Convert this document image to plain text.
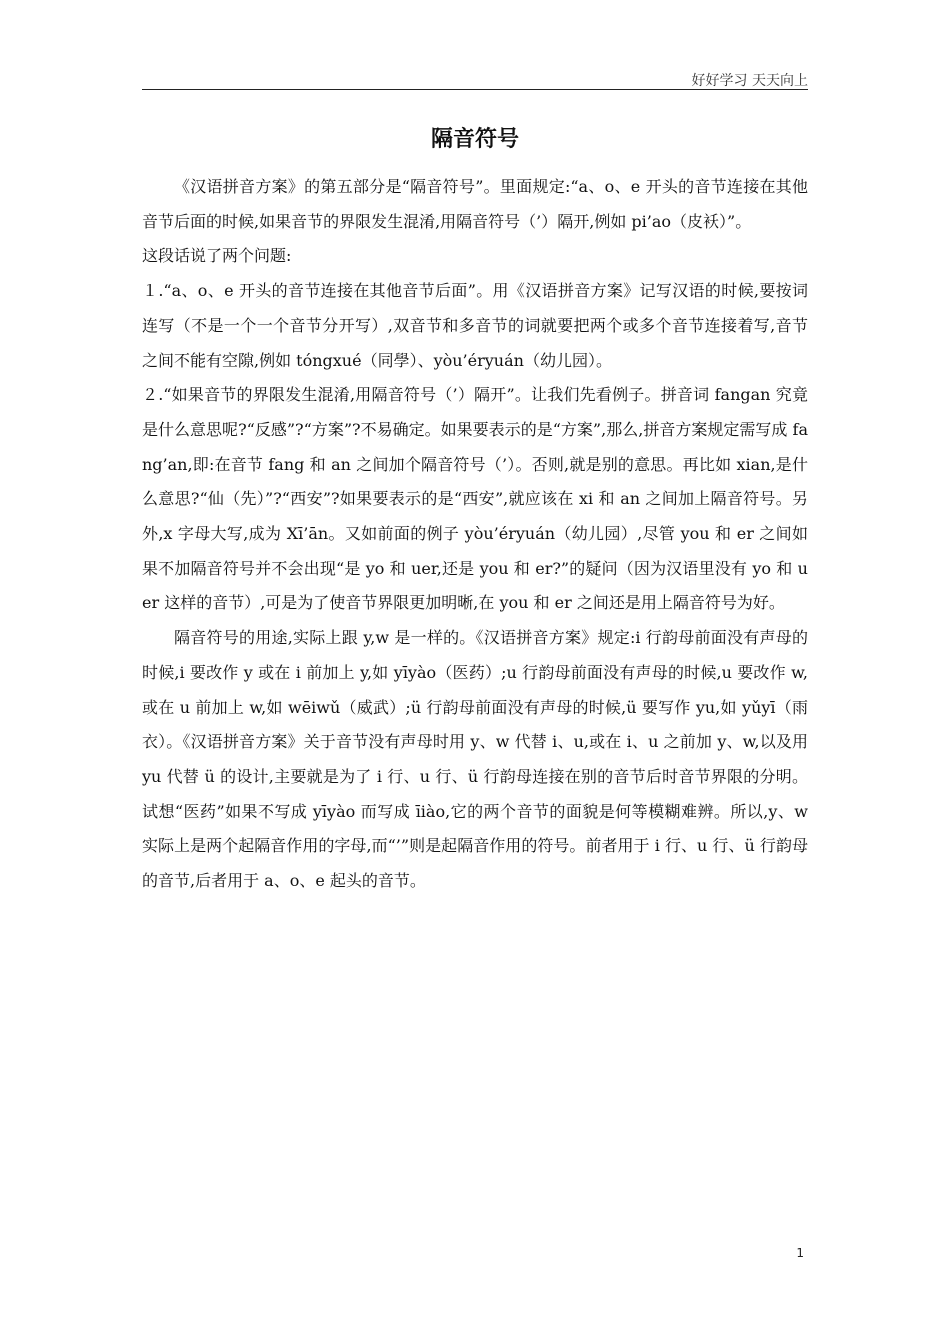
好好学习 天天向上
隔音符号

《汉语拼音方案》的第五部分是“隔音符号”。里面规定:“a、o、e 开头的音节连接在其他音节后面的时候,如果音节的界限发生混淆,用隔音符号（’）隔开,例如 pi’ao（皮袄）”。

这段话说了两个问题:

１.“a、o、e 开头的音节连接在其他音节后面”。用《汉语拼音方案》记写汉语的时候,要按词连写（不是一个一个音节分开写）,双音节和多音节的词就要把两个或多个音节连接着写,音节之间不能有空隙,例如 tóngxué（同學）、yòu’éryuán（幼儿园）。

２.“如果音节的界限发生混淆,用隔音符号（’）隔开”。让我们先看例子。拼音词 fangan 究竟是什么意思呢?“反感”?“方案”?不易确定。如果要表示的是“方案”,那么,拼音方案规定需写成 fang’an,即:在音节 fang 和 an 之间加个隔音符号（’）。否则,就是别的意思。再比如 xian,是什么意思?“仙（先）”?“西安”?如果要表示的是“西安”,就应该在 xi 和 an 之间加上隔音符号。另外,x 字母大写,成为 Xī’ān。又如前面的例子 yòu’éryuán（幼儿园）,尽管 you 和 er 之间如果不加隔音符号并不会出现“是 yo 和 uer,还是 you 和 er?”的疑问（因为汉语里没有 yo 和 uer 这样的音节）,可是为了使音节界限更加明晰,在 you 和 er 之间还是用上隔音符号为好。

隔音符号的用途,实际上跟 y,w 是一样的。《汉语拼音方案》规定:i 行韵母前面没有声母的时候,i 要改作 y 或在 i 前加上 y,如 yīyào（医药）;u 行韵母前面没有声母的时候,u 要改作 w,或在 u 前加上 w,如 wēiwǔ（威武）;ü 行韵母前面没有声母的时候,ü 要写作 yu,如 yǔyī（雨衣）。《汉语拼音方案》关于音节没有声母时用 y、w 代替 i、u,或在 i、u 之前加 y、w,以及用 yu 代替 ü 的设计,主要就是为了 i 行、u 行、ü 行韵母连接在别的音节后时音节界限的分明。试想“医药”如果不写成 yīyào 而写成 īiào,它的两个音节的面貌是何等模糊难辨。所以,y、w 实际上是两个起隔音作用的字母,而“’”则是起隔音作用的符号。前者用于 i 行、u 行、ü 行韵母的音节,后者用于 a、o、e 起头的音节。

1
